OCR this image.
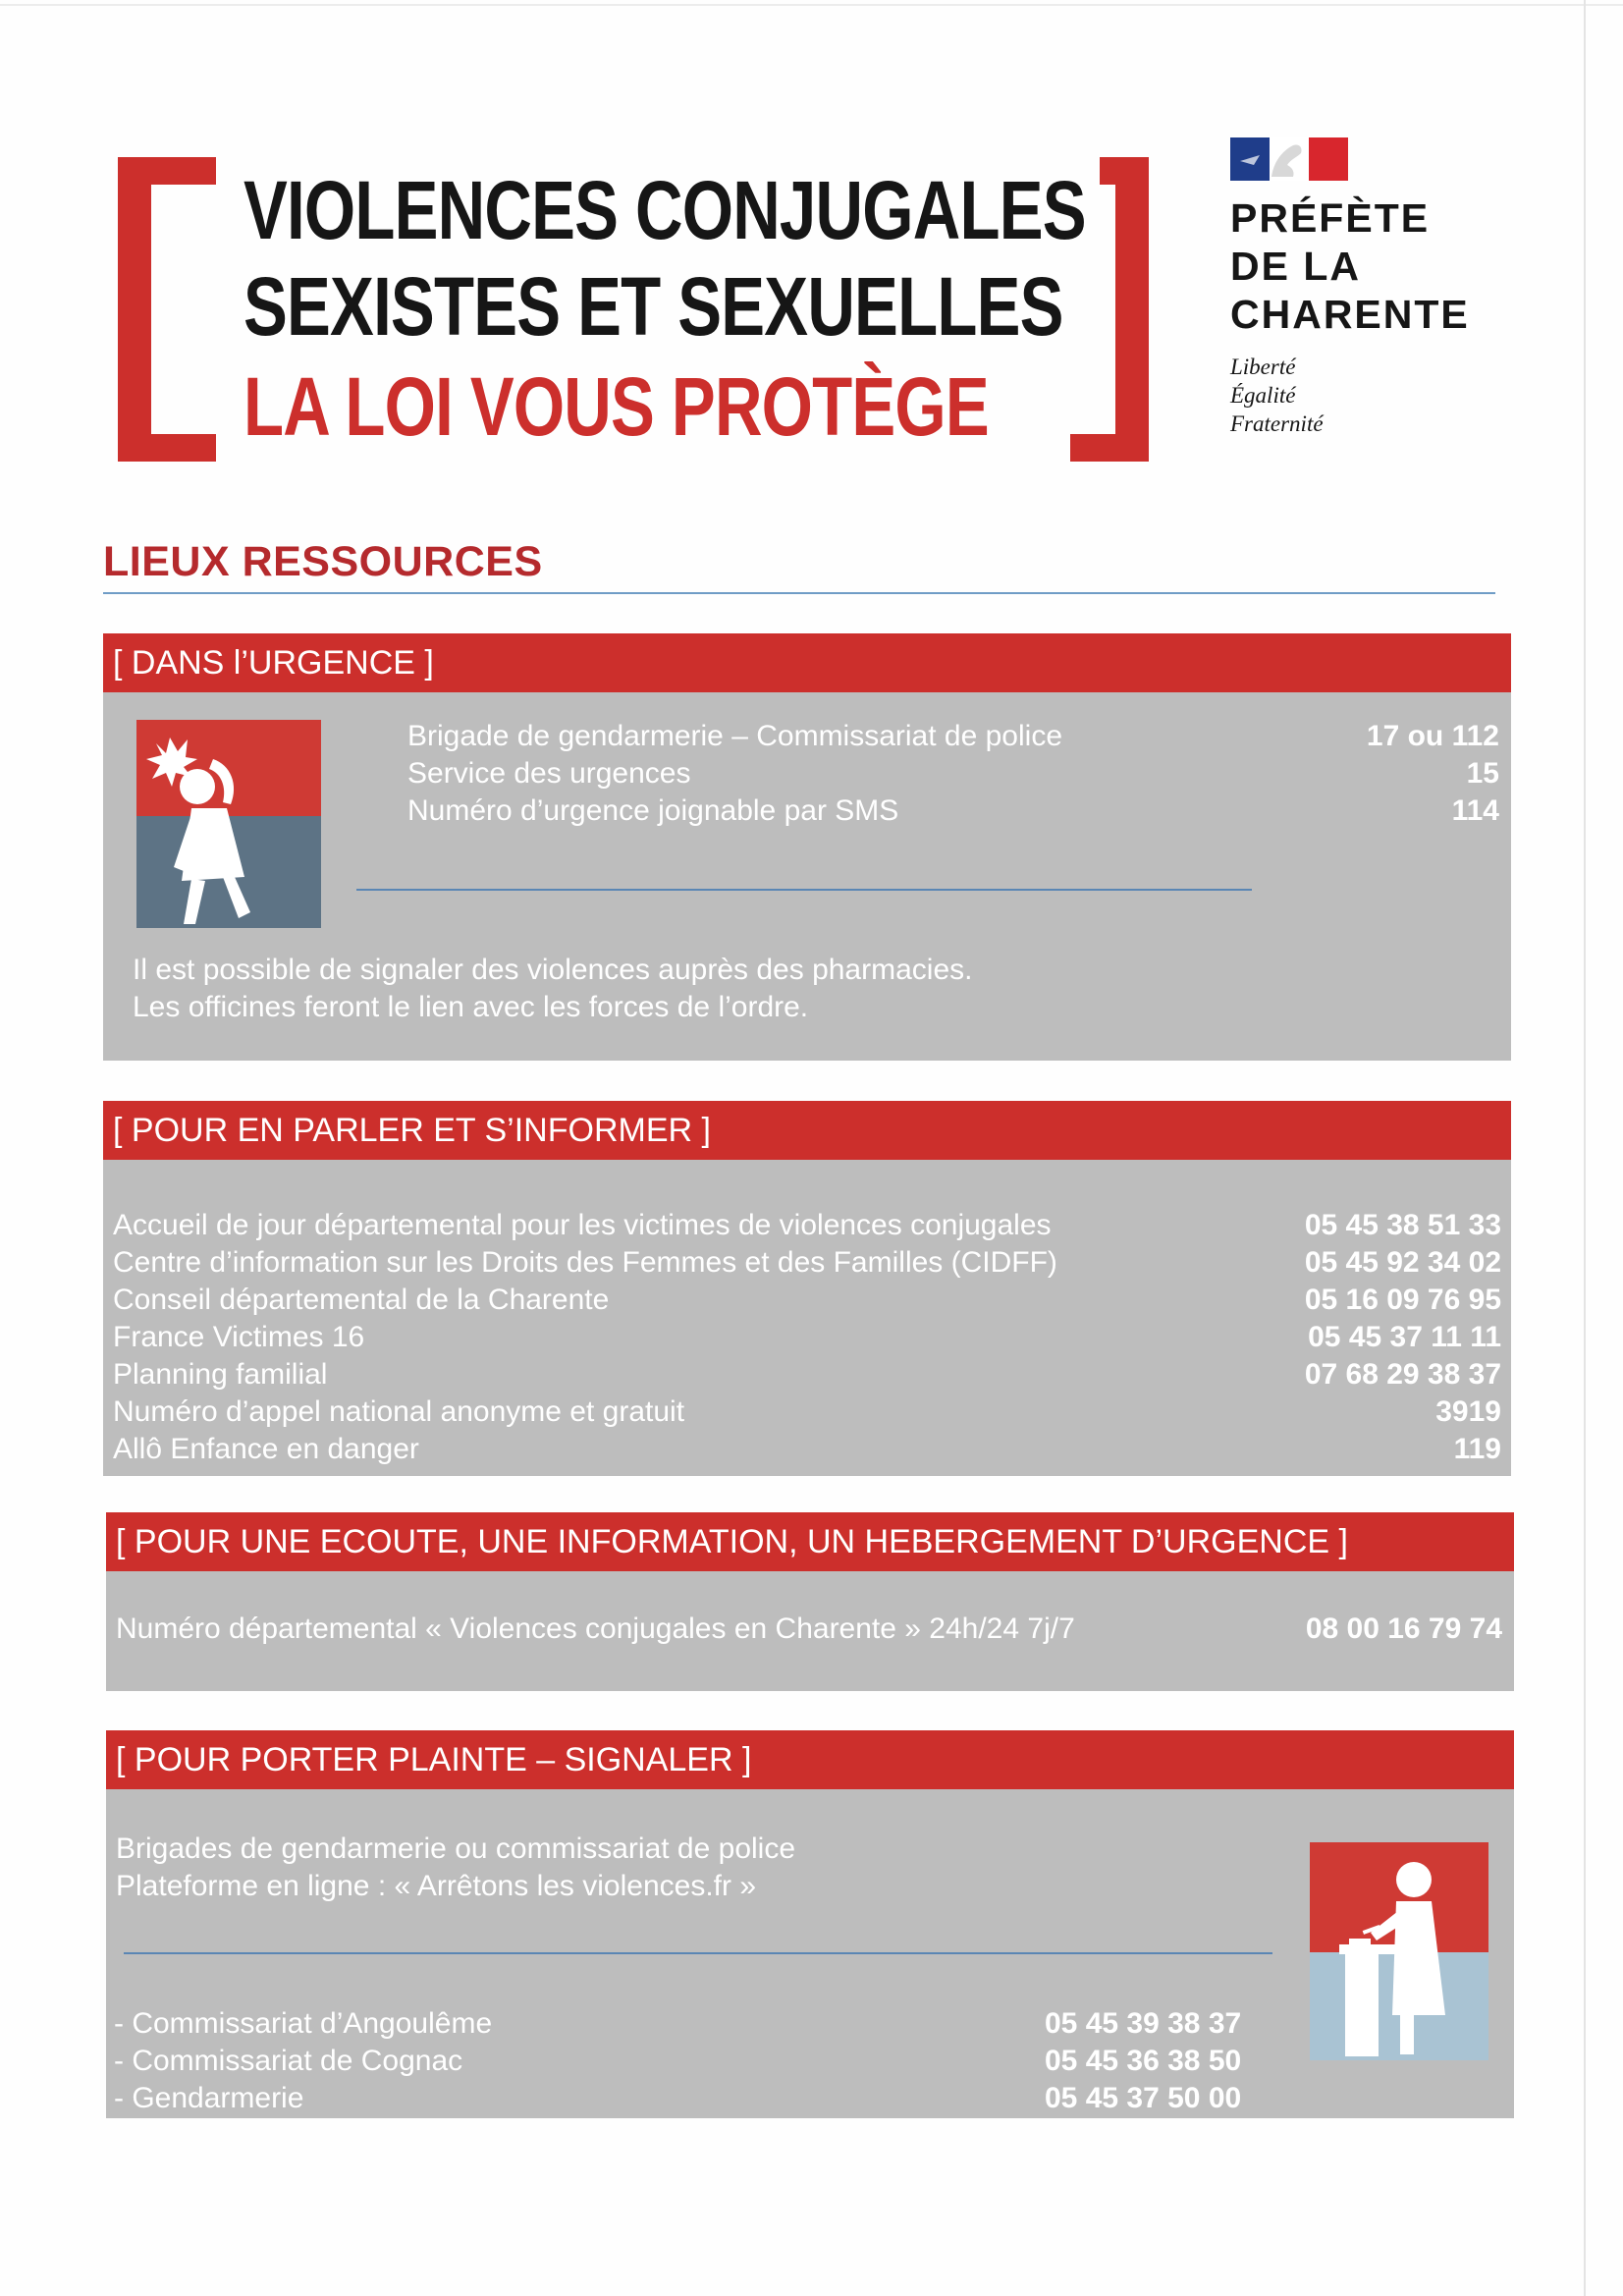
VIOLENCES CONJUGALES
SEXISTES ET SEXUELLES
LA LOI VOUS PROTÈGE
PRÉFÈTE
DE LA
CHARENTE
Liberté
Égalité
Fraternité
LIEUX RESSOURCES
[ DANS l’URGENCE ]
Brigade de gendarmerie – Commissariat de police	17 ou 112
Service des urgences	15
Numéro d’urgence joignable par SMS	114
Il est possible de signaler des violences auprès des pharmacies.
Les officines feront le lien avec les forces de l’ordre.
[ POUR EN PARLER ET S’INFORMER ]
Accueil de jour départemental pour les victimes de violences conjugales	05 45 38 51 33
Centre d’information sur les Droits des Femmes et des Familles (CIDFF)	05 45 92 34 02
Conseil départemental de la Charente	05 16 09 76 95
France Victimes 16	05 45 37 11 11
Planning familial	07 68 29 38 37
Numéro d’appel national anonyme et gratuit	3919
Allô Enfance en danger	119
[ POUR UNE ECOUTE, UNE INFORMATION, UN HEBERGEMENT D’URGENCE ]
Numéro départemental « Violences conjugales en Charente » 24h/24 7j/7	08 00 16 79 74
[ POUR PORTER PLAINTE – SIGNALER ]
Brigades de gendarmerie ou commissariat de police
Plateforme en ligne : « Arrêtons les violences.fr »
- Commissariat d’Angoulême	05 45 39 38 37
- Commissariat de Cognac	05 45 36 38 50
- Gendarmerie	05 45 37 50 00
